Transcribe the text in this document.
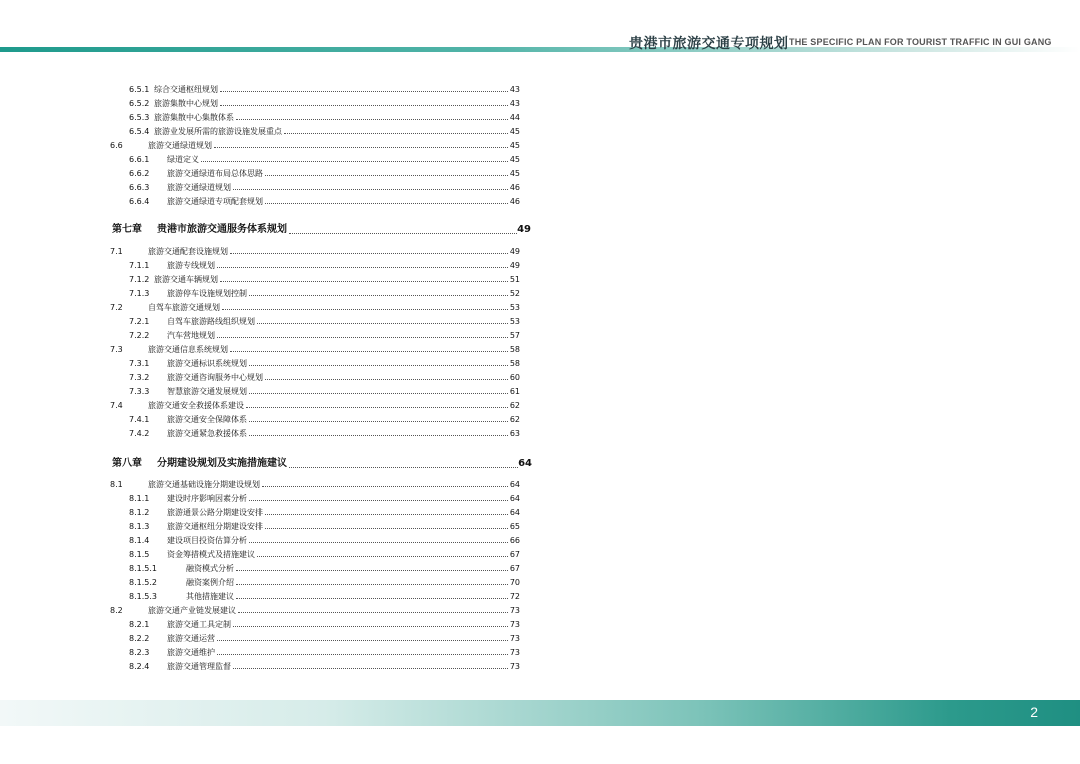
贵港市旅游交通专项规划 THE SPECIFIC PLAN FOR TOURIST TRAFFIC IN GUI GANG
6.5.1 综合交通枢纽规划	43
6.5.2 旅游集散中心规划	43
6.5.3 旅游集散中心集散体系	44
6.5.4 旅游业发展所需的旅游设施发展重点	45
6.6	旅游交通绿道规划	45
6.6.1 绿道定义	45
6.6.2 旅游交通绿道布局总体思路	45
6.6.3 旅游交通绿道规划	46
6.6.4 旅游交通绿道专项配套规划	46
第七章 贵港市旅游交通服务体系规划	49
7.1	旅游交通配套设施规划	49
7.1.1 旅游专线规划	49
7.1.2 旅游交通车辆规划	51
7.1.3 旅游停车设施规划控制	52
7.2	自驾车旅游交通规划	53
7.2.1 自驾车旅游路线组织规划	53
7.2.2 汽车营地规划	57
7.3	旅游交通信息系统规划	58
7.3.1 旅游交通标识系统规划	58
7.3.2 旅游交通咨询服务中心规划	60
7.3.3 智慧旅游交通发展规划	61
7.4	旅游交通安全救援体系建设	62
7.4.1 旅游交通安全保障体系	62
7.4.2 旅游交通紧急救援体系	63
第八章 分期建设规划及实施措施建议	64
8.1	旅游交通基础设施分期建设规划	64
8.1.1 建设时序影响因素分析	64
8.1.2 旅游通景公路分期建设安排	64
8.1.3 旅游交通枢纽分期建设安排	65
8.1.4 建设项目投资估算分析	66
8.1.5 资金筹措模式及措施建议	67
8.1.5.1	融资模式分析	67
8.1.5.2	融资案例介绍	70
8.1.5.3	其他措施建议	72
8.2	旅游交通产业链发展建议	73
8.2.1 旅游交通工具定制	73
8.2.2 旅游交通运营	73
8.2.3 旅游交通维护	73
8.2.4 旅游交通管理监督	73
2
